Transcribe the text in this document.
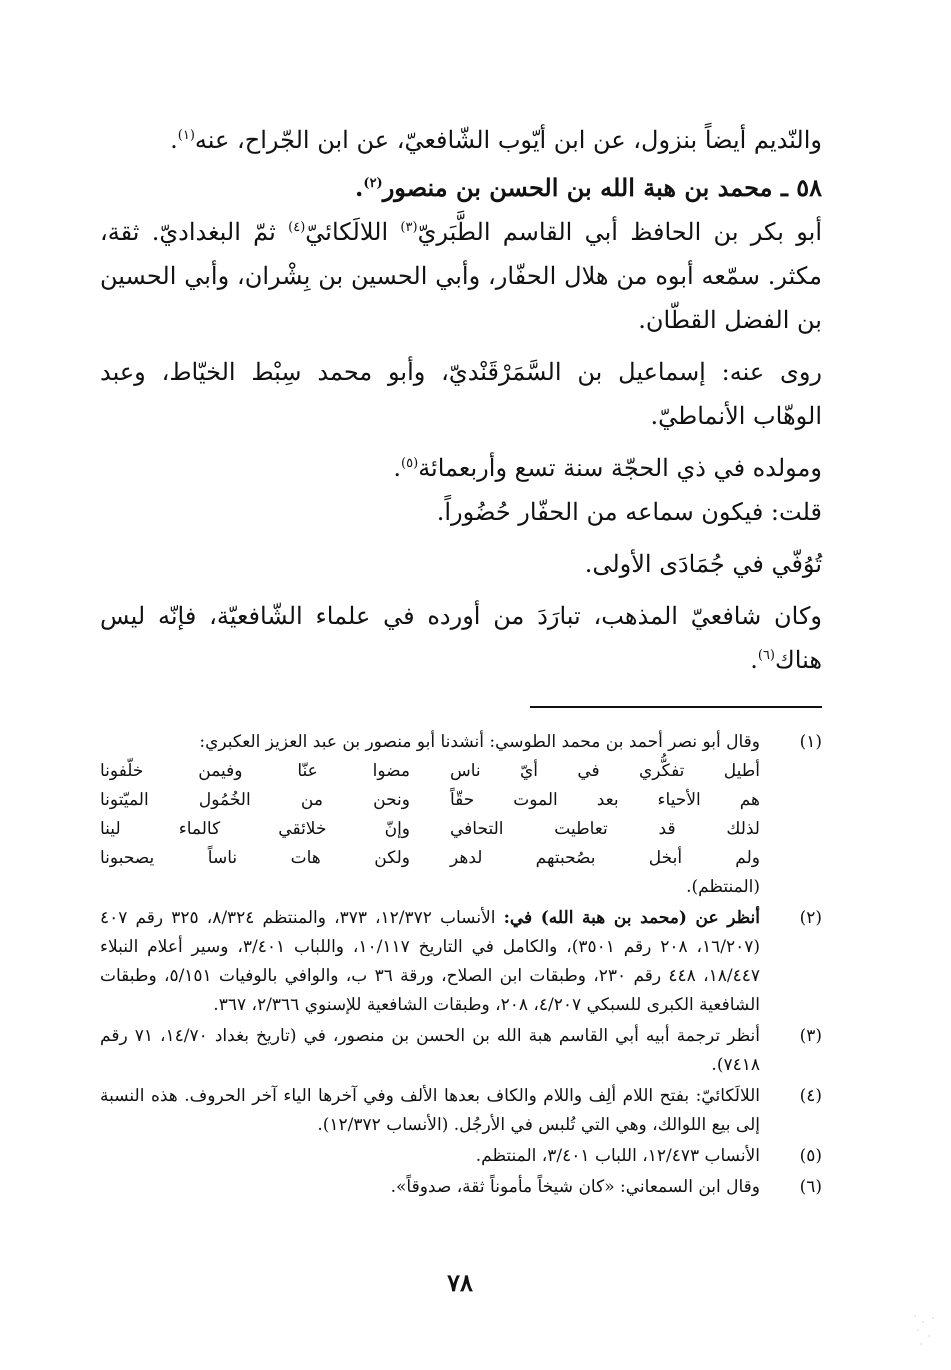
والنّديم أيضاً بنزول، عن ابن أيّوب الشّافعيّ، عن ابن الجّراح، عنه$^{(١)}$.

٥٨ ـ محمد بن هبة الله بن الحسن بن منصور$^{(٢)}$.

أبو بكر بن الحافظ أبي القاسم الطَّبَريّ$^{(٣)}$ اللالَكائيّ$^{(٤)}$ ثمّ البغداديّ. ثقة، مكثر. سمّعه أبوه من هلال الحفّار، وأبي الحسين بن بِشْران، وأبي الحسين بن الفضل القطّان.

روى عنه: إسماعيل بن السَّمَرْقَنْديّ، وأبو محمد سِبْط الخيّاط، وعبد الوهّاب الأنماطيّ.

ومولده في ذي الحجّة سنة تسع وأربعمائة$^{(٥)}$.

قلت: فيكون سماعه من الحفّار حُضُوراً.

تُوُفّي في جُمَادَى الأولى.

وكان شافعيّ المذهب، تبارَدَ من أورده في علماء الشّافعيّة، فإنّه ليس هناك$^{(٦)}$.

(١)
وقال أبو نصر أحمد بن محمد الطوسي: أنشدنا أبو منصور بن عبد العزيز العكبري:
أطيل تفكُّري في أيّ ناس
مضوا عنّا وفيمن خلّفونا
هم الأحياء بعد الموت حقّاً
ونحن من الخُمُول الميّتونا
لذلك قد تعاطيت التحافي
وإنّ خلائقي كالماء لينا
ولم أبخل بصُحبتهم لدهر
ولكن هات ناساً يصحبونا
(المنتظم).
(٢)
أنظر عن (محمد بن هبة الله) في: الأنساب ١٢/٣٧٢، ٣٧٣، والمنتظم ٨/٣٢٤، ٣٢٥ رقم ٤٠٧ (١٦/٢٠٧، ٢٠٨ رقم ٣٥٠١)، والكامل في التاريخ ١٠/١١٧، واللباب ٣/٤٠١، وسير أعلام النبلاء ١٨/٤٤٧، ٤٤٨ رقم ٢٣٠، وطبقات ابن الصلاح، ورقة ٣٦ ب، والوافي بالوفيات ٥/١٥١، وطبقات الشافعية الكبرى للسبكي ٤/٢٠٧، ٢٠٨، وطبقات الشافعية للإسنوي ٢/٣٦٦، ٣٦٧.
(٣)
أنظر ترجمة أبيه أبي القاسم هبة الله بن الحسن بن منصور، في (تاريخ بغداد ١٤/٧٠، ٧١ رقم ٧٤١٨).
(٤)
اللالَكائيّ: بفتح اللام ألِف واللام والكاف بعدها الألف وفي آخرها الياء آخر الحروف. هذه النسبة إلى بيع اللوالك، وهي التي تُلبس في الأرجُل. (الأنساب ١٢/٣٧٢).
(٥)
الأنساب ١٢/٤٧٣، اللباب ٣/٤٠١، المنتظم.
(٦)
وقال ابن السمعاني: «كان شيخاً مأموناً ثقة، صدوقاً».
٧٨
